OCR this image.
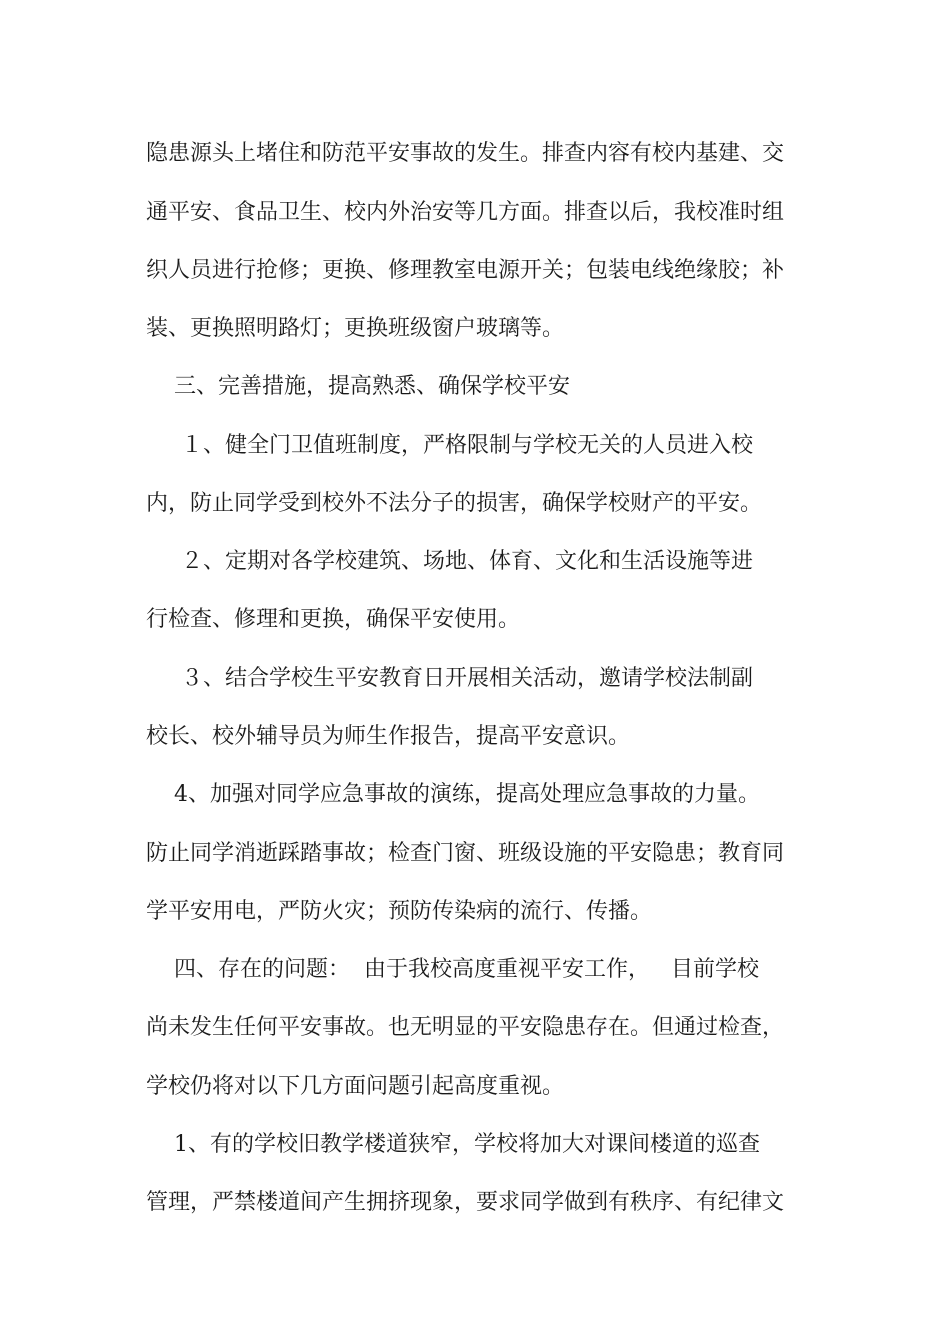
隐患源头上堵住和防范平安事故的发生。排查内容有校内基建、交
通平安、食品卫生、校内外治安等几方面。排查以后，我校准时组
织人员进行抢修；更换、修理教室电源开关；包装电线绝缘胶；补
装、更换照明路灯；更换班级窗户玻璃等。
三、完善措施，提高熟悉、确保学校平安
１、健全门卫值班制度，严格限制与学校无关的人员进入校
内，防止同学受到校外不法分子的损害，确保学校财产的平安。
２、定期对各学校建筑、场地、体育、文化和生活设施等进
行检查、修理和更换，确保平安使用。
３、结合学校生平安教育日开展相关活动，邀请学校法制副
校长、校外辅导员为师生作报告，提高平安意识。
4、加强对同学应急事故的演练，提高处理应急事故的力量。
防止同学消逝踩踏事故；检查门窗、班级设施的平安隐患；教育同
学平安用电，严防火灾；预防传染病的流行、传播。
四、存在的问题：  由于我校高度重视平安工作，   目前学校
尚未发生任何平安事故。也无明显的平安隐患存在。但通过检查，
学校仍将对以下几方面问题引起高度重视。
1、有的学校旧教学楼道狭窄，学校将加大对课间楼道的巡查
管理，严禁楼道间产生拥挤现象，要求同学做到有秩序、有纪律文
